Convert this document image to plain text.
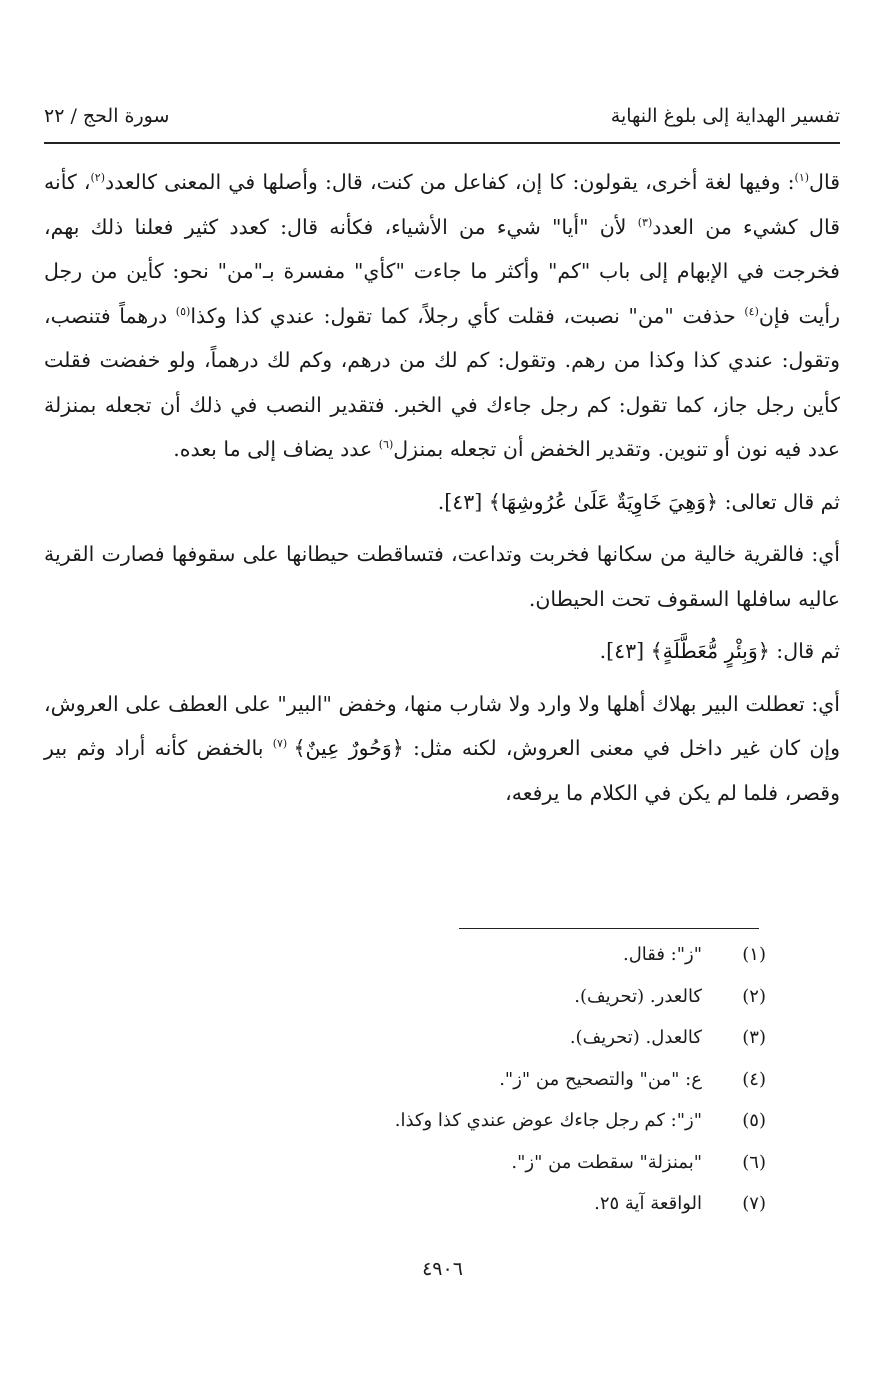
تفسير الهداية إلى بلوغ النهاية
سورة الحج / ٢٢

قال$^{(١)}$: وفيها لغة أخرى، يقولون: كا إن، كفاعل من كنت، قال: وأصلها في المعنى كالعدد$^{(٢)}$، كأنه قال كشيء من العدد$^{(٣)}$ لأن "أيا" شيء من الأشياء، فكأنه قال: كعدد كثير فعلنا ذلك بهم، فخرجت في الإبهام إلى باب "كم" وأكثر ما جاءت "كأي" مفسرة بـ"من" نحو: كأين من رجل رأيت فإن$^{(٤)}$ حذفت "من" نصبت، فقلت كأي رجلاً، كما تقول: عندي كذا وكذا$^{(٥)}$ درهماً فتنصب، وتقول: عندي كذا وكذا من رهم. وتقول: كم لك من درهم، وكم لك درهماً، ولو خفضت فقلت كأين رجل جاز، كما تقول: كم رجل جاءك في الخبر. فتقدير النصب في ذلك أن تجعله بمنزلة عدد فيه نون أو تنوين. وتقدير الخفض أن تجعله بمنزل$^{(٦)}$ عدد يضاف إلى ما بعده.

ثم قال تعالى: ﴿وَهِيَ خَاوِيَةٌ عَلَىٰ عُرُوشِهَا﴾ [٤٣].

أي: فالقرية خالية من سكانها فخربت وتداعت، فتساقطت حيطانها على سقوفها فصارت القرية عاليه سافلها السقوف تحت الحيطان.

ثم قال: ﴿وَبِئْرٍ مُّعَطَّلَةٍ﴾ [٤٣].

أي: تعطلت البير بهلاك أهلها ولا وارد ولا شارب منها، وخفض "البير" على العطف على العروش، وإن كان غير داخل في معنى العروش، لكنه مثل: ﴿وَحُورٌ عِينٌ﴾ $^{(٧)}$ بالخفض كأنه أراد وثم بير وقصر، فلما لم يكن في الكلام ما يرفعه،

(١)
"ز": فقال.
(٢)
كالعدر. (تحريف).
(٣)
كالعدل. (تحريف).
(٤)
ع: "من" والتصحيح من "ز".
(٥)
"ز": كم رجل جاءك عوض عندي كذا وكذا.
(٦)
"بمنزلة" سقطت من "ز".
(٧)
الواقعة آية ٢٥.
٤٩٠٦
